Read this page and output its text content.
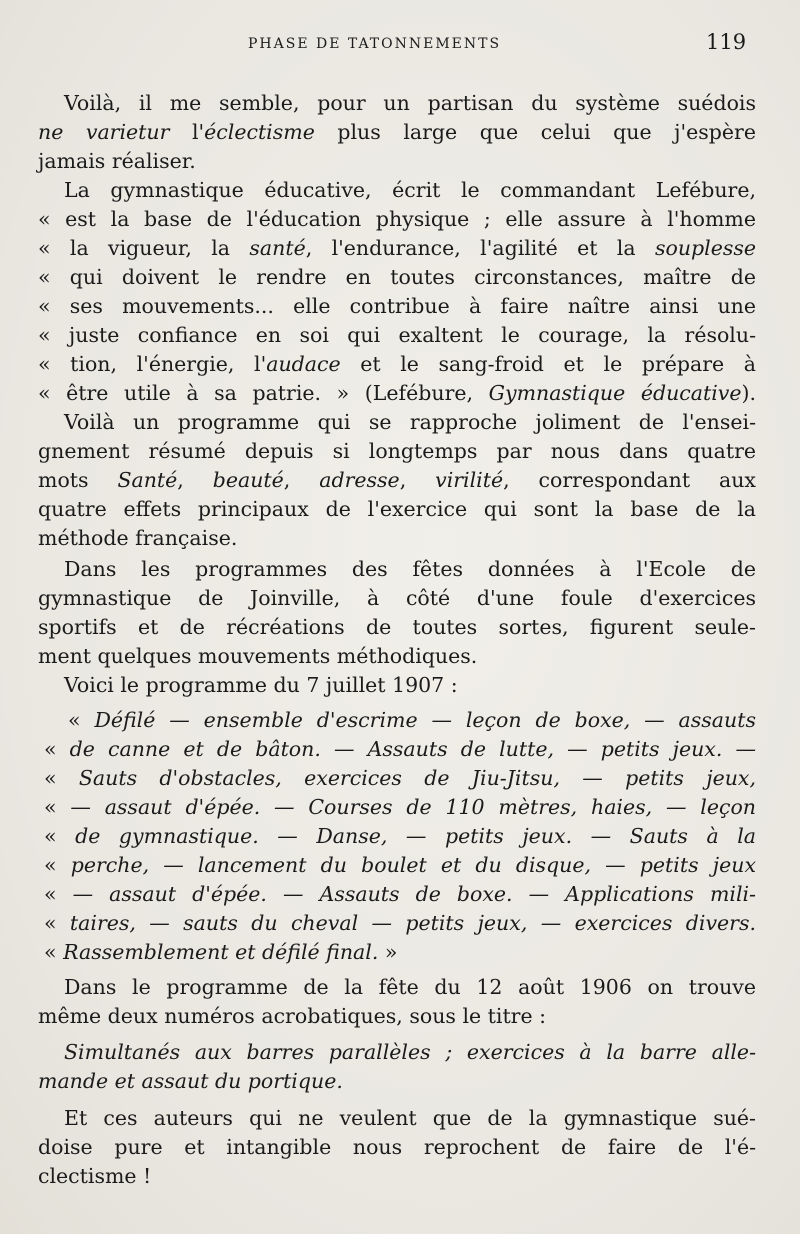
PHASE DE TATONNEMENTS	119
Voilà, il me semble, pour un partisan du système suédois
ne varietur l'éclectisme plus large que celui que j'espère
jamais réaliser.
La gymnastique éducative, écrit le commandant Lefébure,
« est la base de l'éducation physique ; elle assure à l'homme
« la vigueur, la santé, l'endurance, l'agilité et la souplesse
« qui doivent le rendre en toutes circonstances, maître de
« ses mouvements... elle contribue à faire naître ainsi une
« juste confiance en soi qui exaltent le courage, la résolu-
« tion, l'énergie, l'audace et le sang-froid et le prépare à
« être utile à sa patrie. » (Lefébure, Gymnastique éducative).
Voilà un programme qui se rapproche joliment de l'ensei-
gnement résumé depuis si longtemps par nous dans quatre
mots Santé, beauté, adresse, virilité, correspondant aux
quatre effets principaux de l'exercice qui sont la base de la
méthode française.
Dans les programmes des fêtes données à l'Ecole de
gymnastique de Joinville, à côté d'une foule d'exercices
sportifs et de récréations de toutes sortes, figurent seule-
ment quelques mouvements méthodiques.
Voici le programme du 7 juillet 1907 :
« Défilé — ensemble d'escrime — leçon de boxe, — assauts
« de canne et de bâton. — Assauts de lutte, — petits jeux. —
« Sauts d'obstacles, exercices de Jiu-Jitsu, — petits jeux,
« — assaut d'épée. — Courses de 110 mètres, haies, — leçon
« de gymnastique. — Danse, — petits jeux. — Sauts à la
« perche, — lancement du boulet et du disque, — petits jeux
« — assaut d'épée. — Assauts de boxe. — Applications mili-
« taires, — sauts du cheval — petits jeux, — exercices divers.
« Rassemblement et défilé final. »
Dans le programme de la fête du 12 août 1906 on trouve
même deux numéros acrobatiques, sous le titre :
Simultanés aux barres parallèles ; exercices à la barre alle-
mande et assaut du portique.
Et ces auteurs qui ne veulent que de la gymnastique sué-
doise pure et intangible nous reprochent de faire de l'é-
clectisme !
